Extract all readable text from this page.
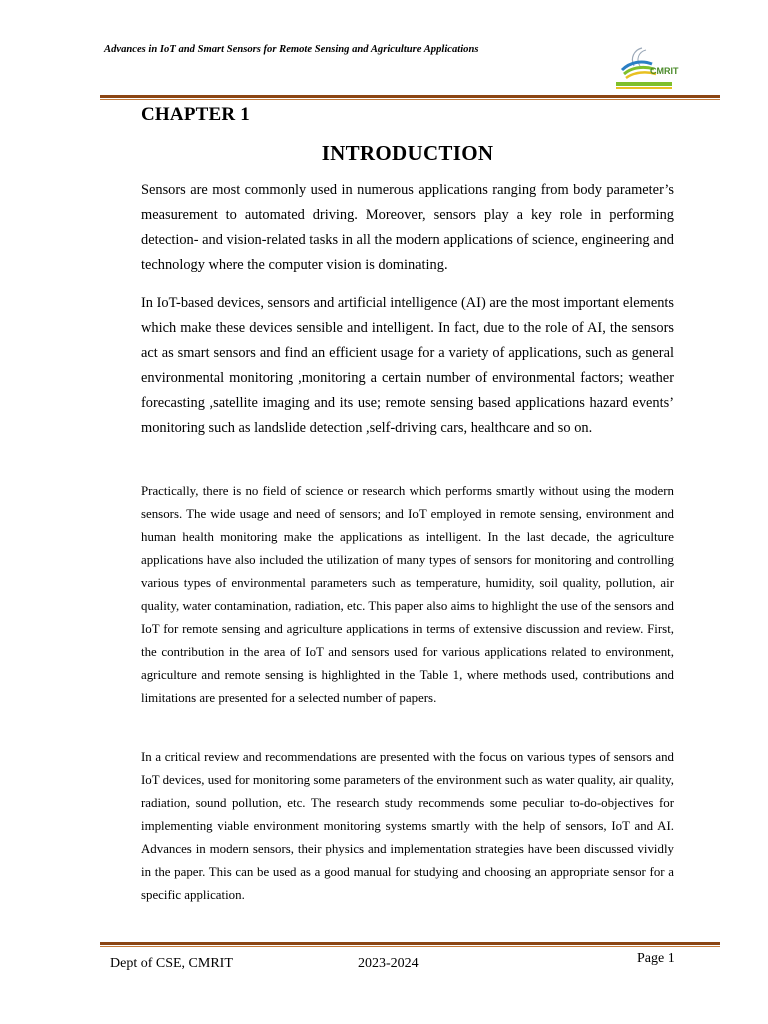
Advances in IoT and Smart Sensors for Remote Sensing and Agriculture Applications
CMRIT
CHAPTER 1
INTRODUCTION

Sensors are most commonly used in numerous applications ranging from body parameter’s measurement to automated driving. Moreover, sensors play a key role in performing detection- and vision-related tasks in all the modern applications of science, engineering and technology where the computer vision is dominating.

In IoT-based devices, sensors and artificial intelligence (AI) are the most important elements which make these devices sensible and intelligent. In fact, due to the role of AI, the sensors act as smart sensors and find an efficient usage for a variety of applications, such as general environmental monitoring ,monitoring a certain number of environmental factors; weather forecasting ,satellite imaging and its use; remote sensing based applications hazard events’ monitoring such as landslide detection ,self-driving cars, healthcare and so on.

Practically, there is no field of science or research which performs smartly without using the modern sensors. The wide usage and need of sensors; and IoT employed in remote sensing, environment and human health monitoring make the applications as intelligent. In the last decade, the agriculture applications have also included the utilization of many types of sensors for monitoring and controlling various types of environmental parameters such as temperature, humidity, soil quality, pollution, air quality, water contamination, radiation, etc. This paper also aims to highlight the use of the sensors and IoT for remote sensing and agriculture applications in terms of extensive discussion and review. First, the contribution in the area of IoT and sensors used for various applications related to environment, agriculture and remote sensing is highlighted in the Table 1, where methods used, contributions and limitations are presented for a selected number of papers.

In a critical review and recommendations are presented with the focus on various types of sensors and IoT devices, used for monitoring some parameters of the environment such as water quality, air quality, radiation, sound pollution, etc. The research study recommends some peculiar to-do-objectives for implementing viable environment monitoring systems smartly with the help of sensors, IoT and AI. Advances in modern sensors, their physics and implementation strategies have been discussed vividly in the paper. This can be used as a good manual for studying and choosing an appropriate sensor for a specific application.

Dept of CSE, CMRIT	2023-2024	Page 1
